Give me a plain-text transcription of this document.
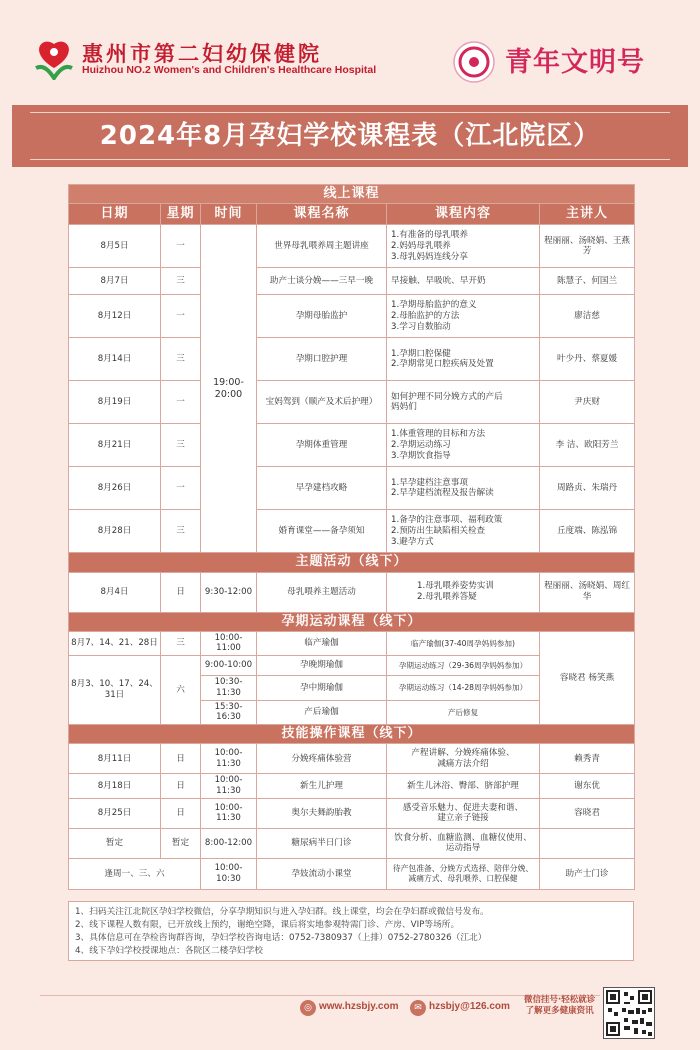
惠州市第二妇幼保健院
Huizhou NO.2 Women's and Children's Healthcare Hospital	青年文明号
2024年8月孕妇学校课程表（江北院区）
线上课程					
日期	星期	时间	课程名称	课程内容	主讲人
8月5日	一	19:00-20:00	世界母乳喂养周主题讲座	1.有准备的母乳喂养
2.妈妈母乳喂养
3.母乳妈妈连线分享	程丽丽、汤晓娟、王燕芳
8月7日	三		助产士谈分娩——三早一晚	早接触、早吸吮、早开奶	陈慧子、何国兰
8月12日	一		孕期母胎监护	1.孕期母胎监护的意义
2.母胎监护的方法
3.学习自数胎动	廖洁慈
8月14日	三		孕期口腔护理	1.孕期口腔保健
2.孕期常见口腔疾病及处置	叶少丹、蔡夏媛
8月19日	一		宝妈驾到（顺产及术后护理）	如何护理不同分娩方式的产后
妈妈们	尹庆财
8月21日	三		孕期体重管理	1.体重管理的目标和方法
2.孕期运动练习
3.孕期饮食指导	李 洁、欧阳芳兰
8月26日	一		早孕建档攻略	1.早孕建档注意事项
2.早孕建档流程及报告解读	周路贞、朱瑞丹
8月28日	三		婚育课堂——备孕须知	1.备孕的注意事项、福利政策
2.预防出生缺陷相关检查
3.避孕方式	丘度端、陈泓锦
主题活动（线下）					
8月4日	日	9:30-12:00	母乳喂养主题活动	1.母乳喂养姿势实训
2.母乳喂养答疑	程丽丽、汤晓娟、周红华
孕期运动课程（线下）					
8月7、14、21、28日	三	10:00-11:00	临产瑜伽	临产瑜伽(37-40周孕妈妈参加)	容晓君 杨笑燕
8月3、10、17、24、31日	六	9:00-10:00	孕晚期瑜伽	孕期运动练习（29-36周孕妈妈参加）	
		10:30-11:30	孕中期瑜伽	孕期运动练习（14-28周孕妈妈参加）	
		15:30-16:30	产后瑜伽	产后修复	
技能操作课程（线下）					
8月11日	日	10:00-11:30	分娩疼痛体验营	产程讲解、分娩疼痛体验、
减痛方法介绍	赖秀青
8月18日	日	10:00-11:30	新生儿护理	新生儿沐浴、臀部、脐部护理	谢东优
8月25日	日	10:00-11:30	奥尔夫舞韵胎教	感受音乐魅力、促进夫妻和谐、
建立亲子链接	容晓君
暂定	暂定	8:00-12:00	糖尿病半日门诊	饮食分析、血糖监测、血糖仪使用、
运动指导	

逢周一、三、六		10:00-10:30	孕妓流动小课堂	待产包准备、分娩方式选择、陪伴分娩、
减痛方式、母乳喂养、口腔保健	助产士门诊
1、扫码关注江北院区孕妇学校微信，分享孕期知识与进入孕妇群。线上课堂，均会在孕妇群或微信号发布。
2、线下课程人数有限，已开放线上预约，谢绝空降，课后将实地参观特需门诊、产房、VIP等场所。
3、具体信息可在孕检咨询群咨询，孕妇学校咨询电话：0752-7380937（上排）0752-2780326（江北）
4、线下孕妇学校授课地点：各院区二楼孕妇学校
◎ www.hzsbjy.com	✉ hzsbjy@126.com
微信挂号·轻松就诊
了解更多健康资讯
